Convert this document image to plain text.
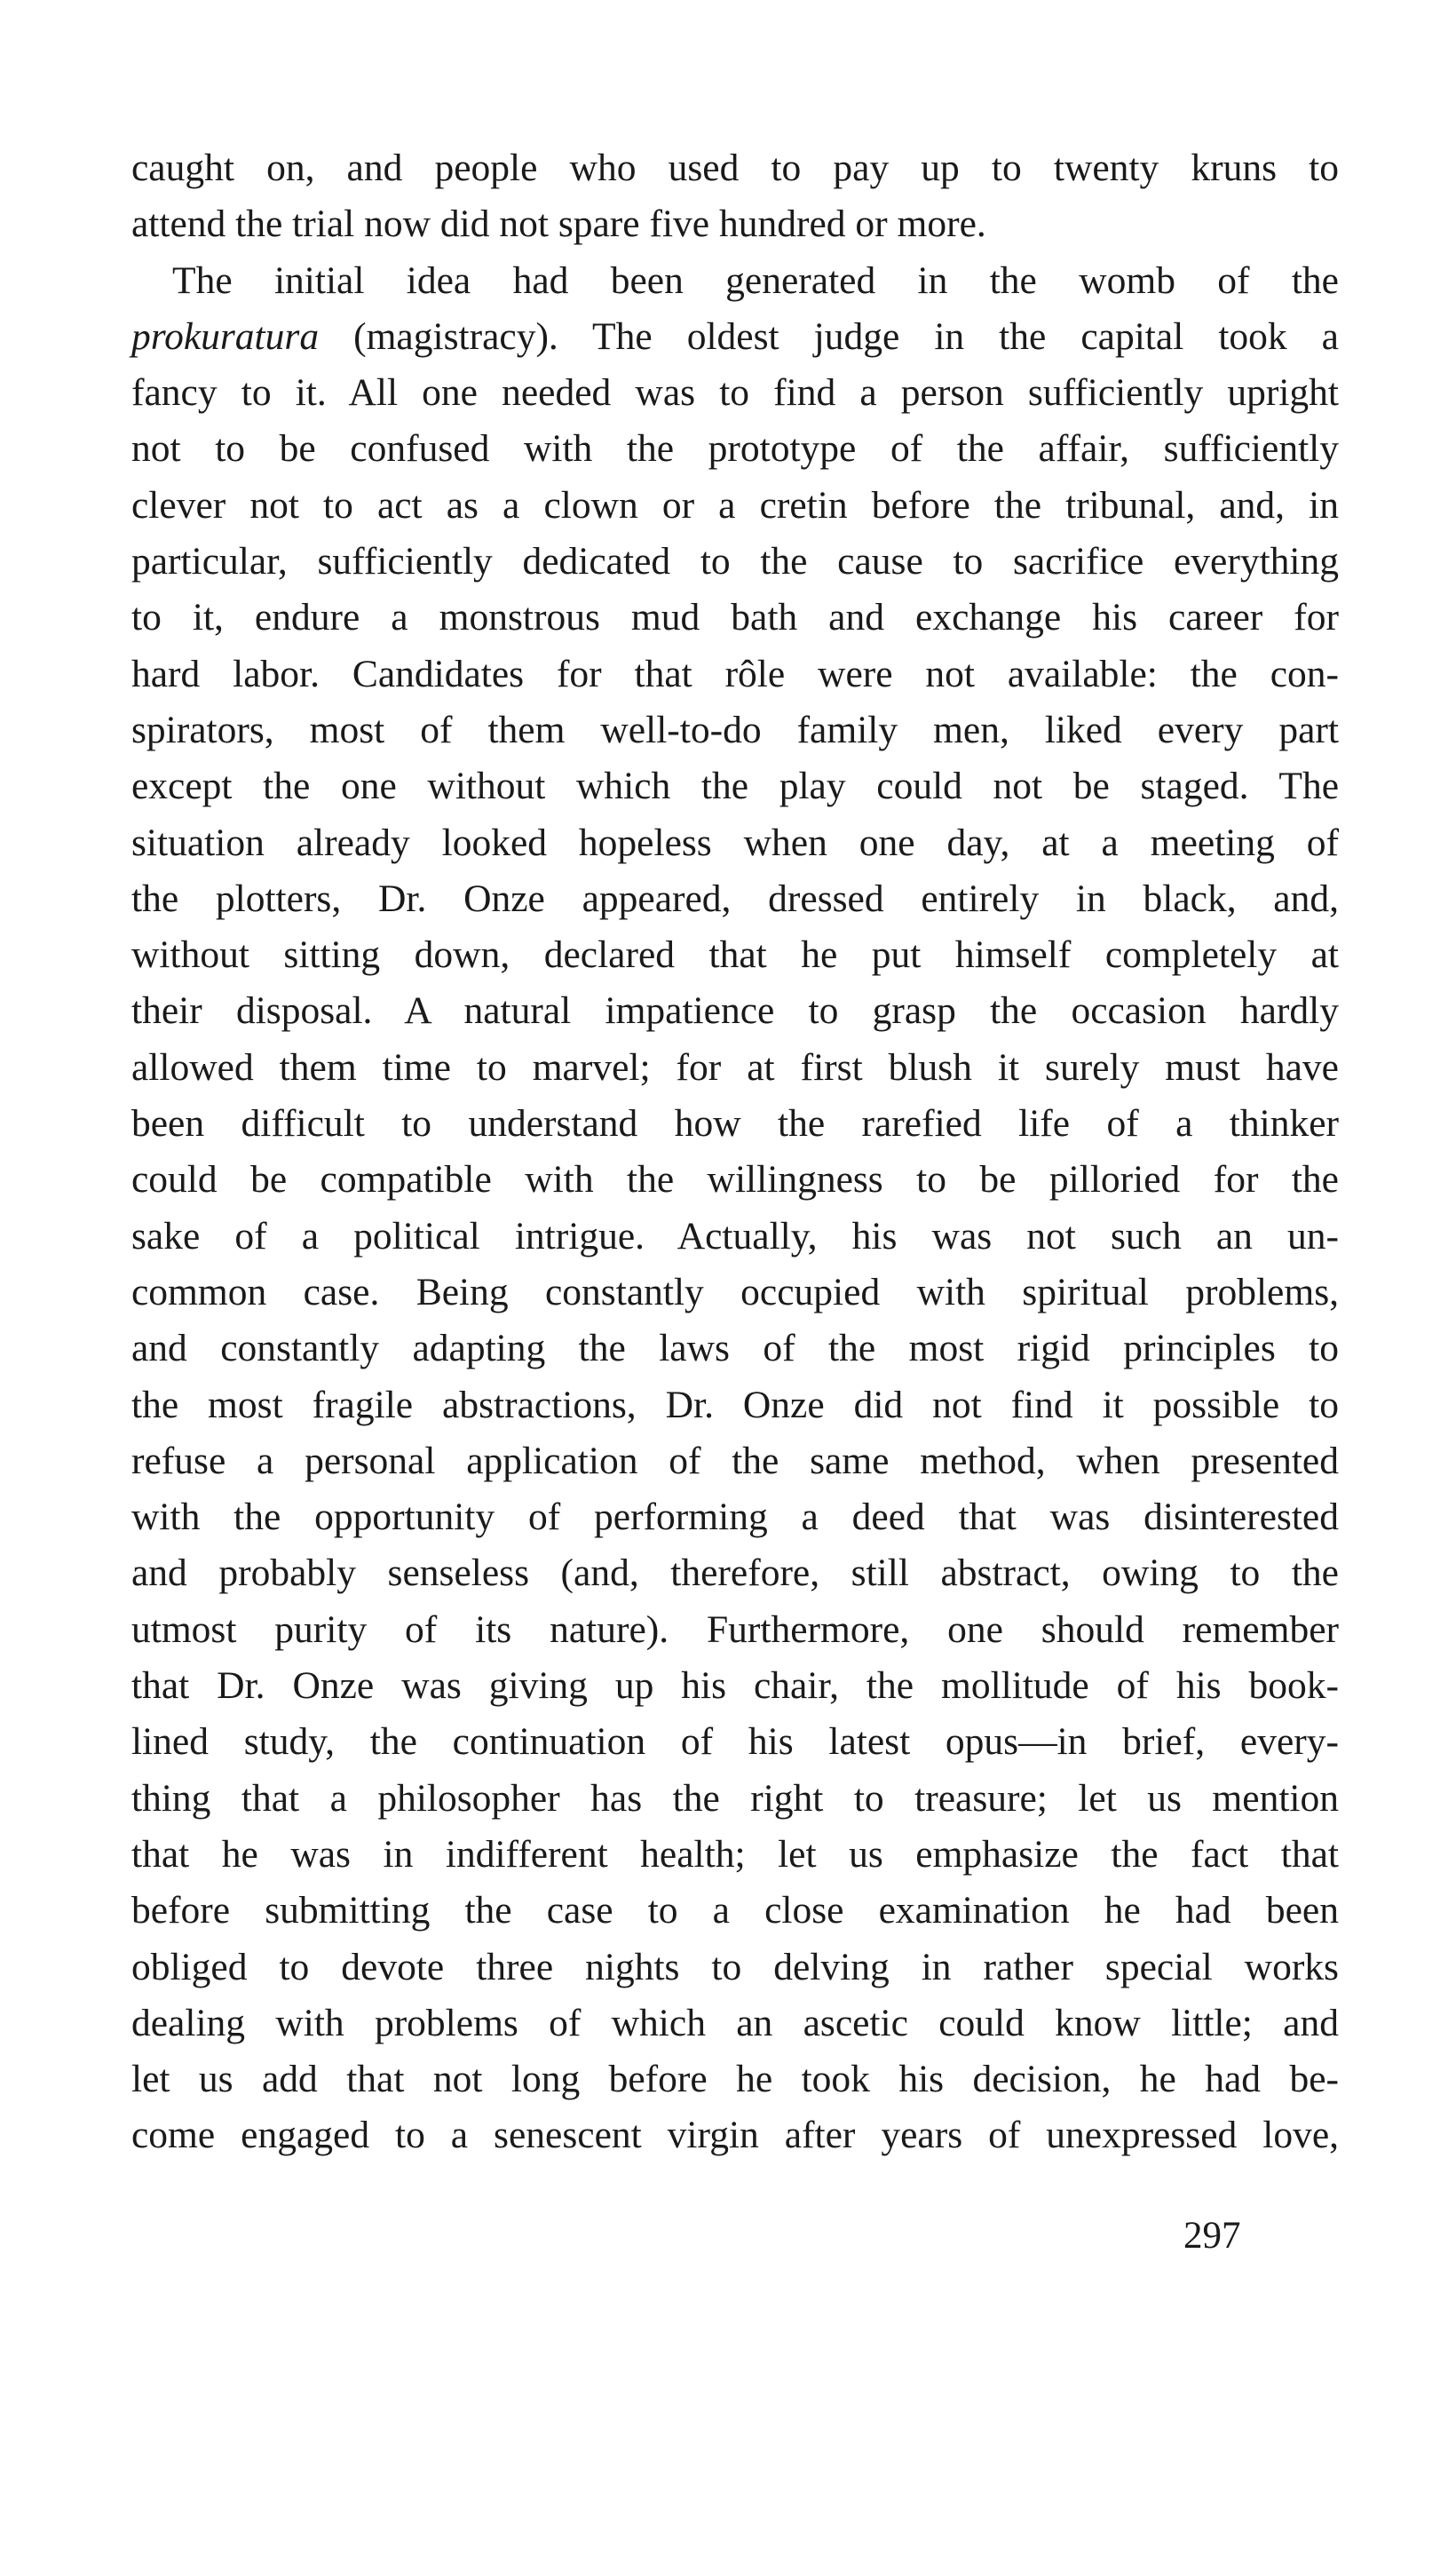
caught on, and people who used to pay up to twenty kruns to
attend the trial now did not spare five hundred or more.
The initial idea had been generated in the womb of the
prokuratura (magistracy). The oldest judge in the capital took a
fancy to it. All one needed was to find a person sufficiently upright
not to be confused with the prototype of the affair, sufficiently
clever not to act as a clown or a cretin before the tribunal, and, in
particular, sufficiently dedicated to the cause to sacrifice everything
to it, endure a monstrous mud bath and exchange his career for
hard labor. Candidates for that rôle were not available: the con-
spirators, most of them well-to-do family men, liked every part
except the one without which the play could not be staged. The
situation already looked hopeless when one day, at a meeting of
the plotters, Dr. Onze appeared, dressed entirely in black, and,
without sitting down, declared that he put himself completely at
their disposal. A natural impatience to grasp the occasion hardly
allowed them time to marvel; for at first blush it surely must have
been difficult to understand how the rarefied life of a thinker
could be compatible with the willingness to be pilloried for the
sake of a political intrigue. Actually, his was not such an un-
common case. Being constantly occupied with spiritual problems,
and constantly adapting the laws of the most rigid principles to
the most fragile abstractions, Dr. Onze did not find it possible to
refuse a personal application of the same method, when presented
with the opportunity of performing a deed that was disinterested
and probably senseless (and, therefore, still abstract, owing to the
utmost purity of its nature). Furthermore, one should remember
that Dr. Onze was giving up his chair, the mollitude of his book-
lined study, the continuation of his latest opus—in brief, every-
thing that a philosopher has the right to treasure; let us mention
that he was in indifferent health; let us emphasize the fact that
before submitting the case to a close examination he had been
obliged to devote three nights to delving in rather special works
dealing with problems of which an ascetic could know little; and
let us add that not long before he took his decision, he had be-
come engaged to a senescent virgin after years of unexpressed love,
297
